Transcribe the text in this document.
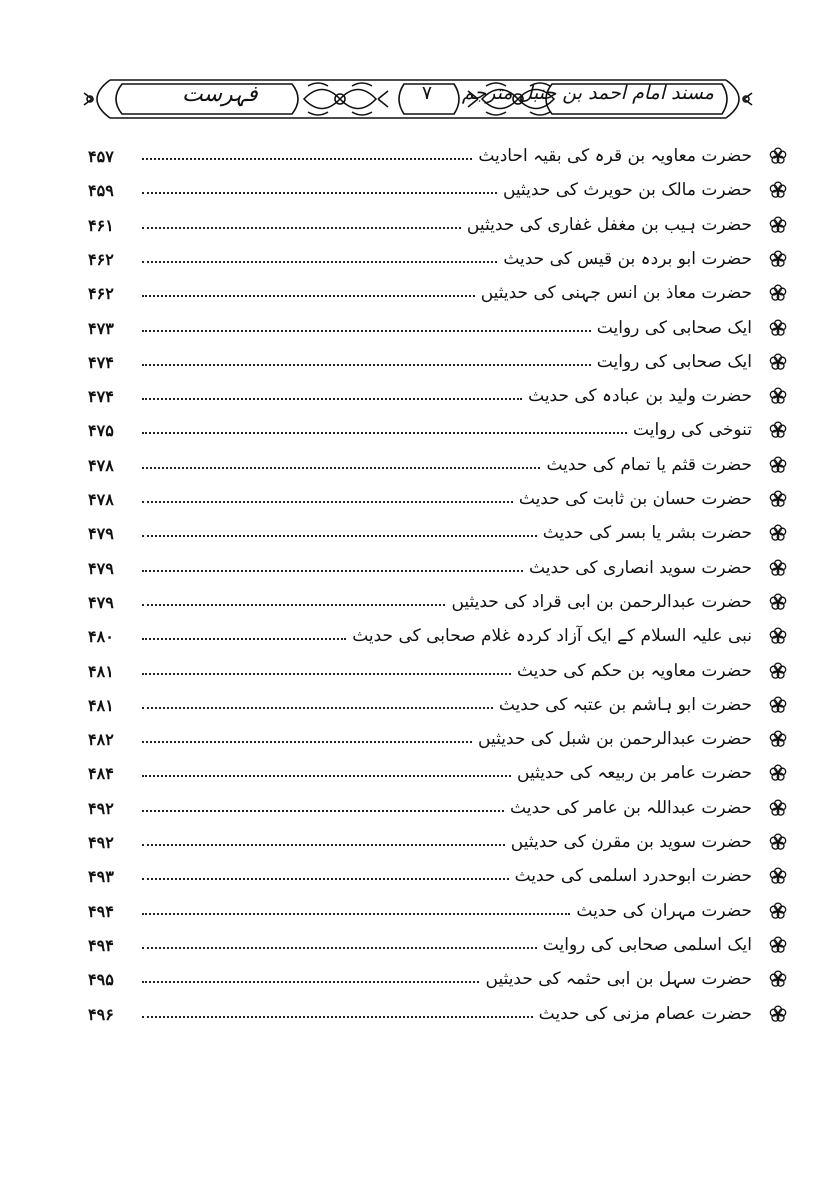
مسند امام احمد بن حنبل مترجم
۷
فہرست
حضرت معاویہ بن قرہ کی بقیہ احادیث
۴۵۷
حضرت مالک بن حویرث کی حدیثیں
۴۵۹
حضرت ہیب بن مغفل غفاری کی حدیثیں
۴۶۱
حضرت ابو بردہ بن قیس کی حدیث
۴۶۲
حضرت معاذ بن انس جہنی کی حدیثیں
۴۶۲
ایک صحابی کی روایت
۴۷۳
ایک صحابی کی روایت
۴۷۴
حضرت ولید بن عبادہ کی حدیث
۴۷۴
تنوخی کی روایت
۴۷۵
حضرت قثم یا تمام کی حدیث
۴۷۸
حضرت حسان بن ثابت کی حدیث
۴۷۸
حضرت بشر یا بسر کی حدیث
۴۷۹
حضرت سوید انصاری کی حدیث
۴۷۹
حضرت عبدالرحمن بن ابی قراد کی حدیثیں
۴۷۹
نبی علیہ السلام کے ایک آزاد کردہ غلام صحابی کی حدیث
۴۸۰
حضرت معاویہ بن حکم کی حدیث
۴۸۱
حضرت ابو ہاشم بن عتبہ کی حدیث
۴۸۱
حضرت عبدالرحمن بن شبل کی حدیثیں
۴۸۲
حضرت عامر بن ربیعہ کی حدیثیں
۴۸۴
حضرت عبداللہ بن عامر کی حدیث
۴۹۲
حضرت سوید بن مقرن کی حدیثیں
۴۹۲
حضرت ابوحدرد اسلمی کی حدیث
۴۹۳
حضرت مہران کی حدیث
۴۹۴
ایک اسلمی صحابی کی روایت
۴۹۴
حضرت سہل بن ابی حثمہ کی حدیثیں
۴۹۵
حضرت عصام مزنی کی حدیث
۴۹۶
